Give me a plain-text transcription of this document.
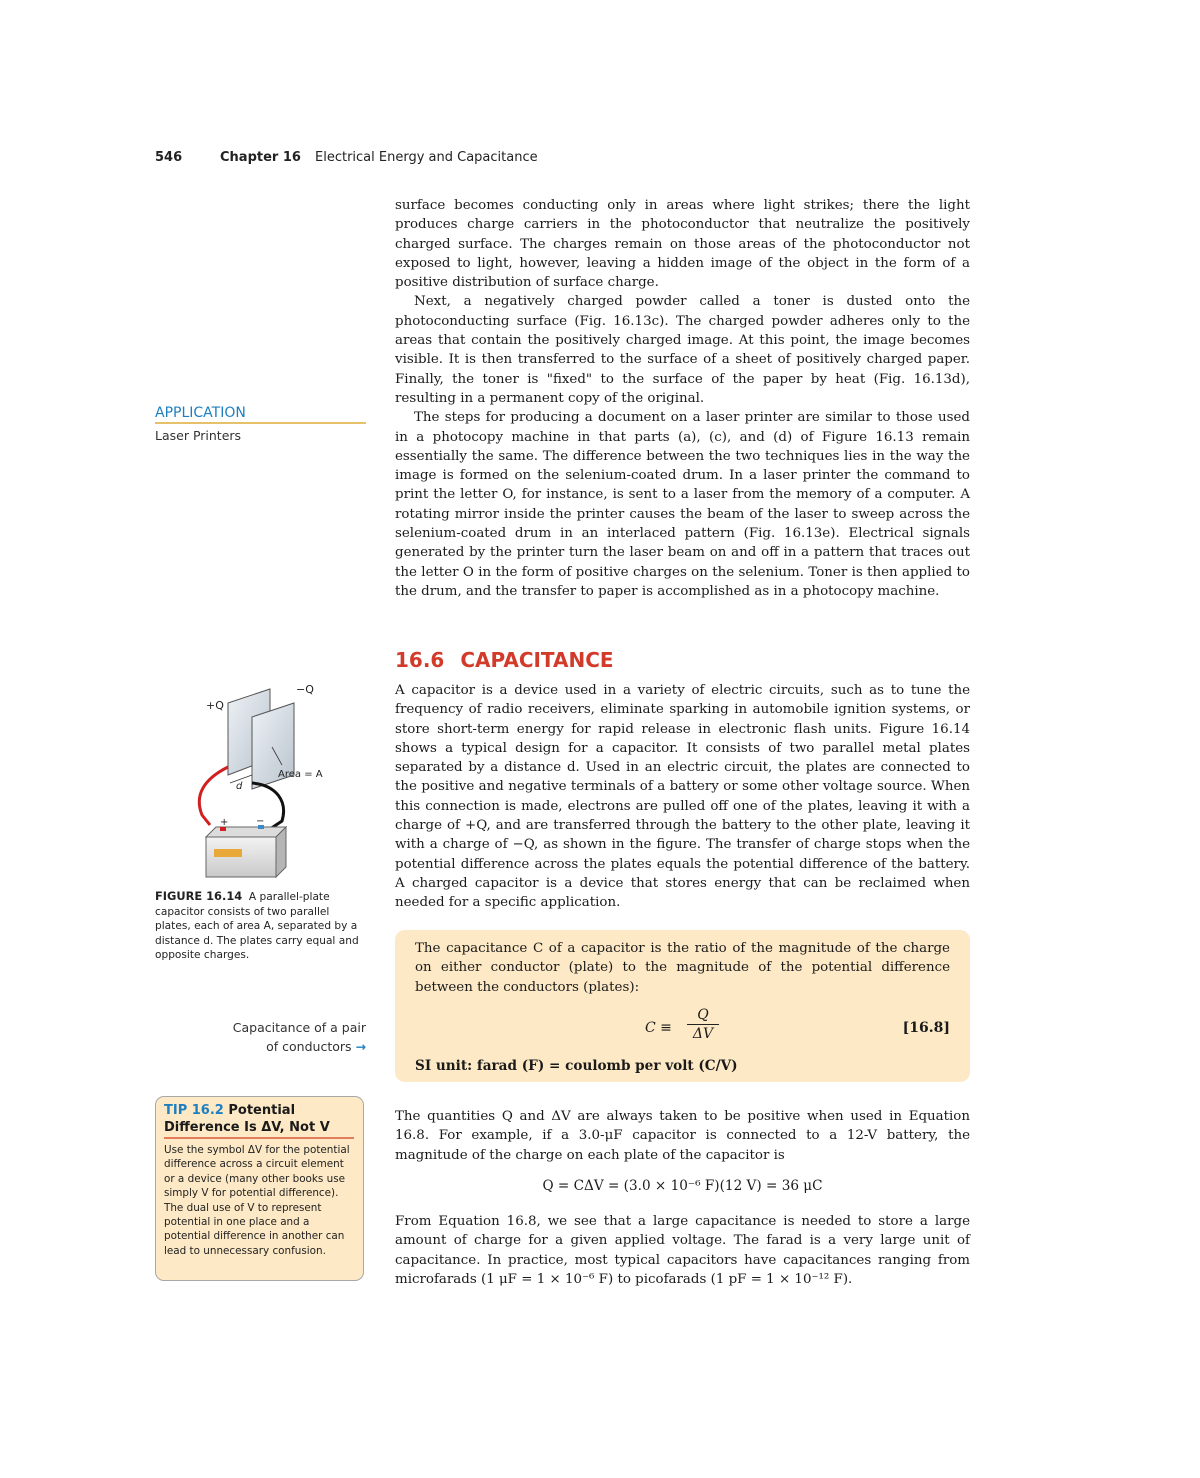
546	Chapter 16 Electrical Energy and Capacitance

surface becomes conducting only in areas where light strikes; there the light produces charge carriers in the photoconductor that neutralize the positively charged surface. The charges remain on those areas of the photoconductor not exposed to light, however, leaving a hidden image of the object in the form of a positive distribution of surface charge.

Next, a negatively charged powder called a toner is dusted onto the photoconducting surface (Fig. 16.13c). The charged powder adheres only to the areas that contain the positively charged image. At this point, the image becomes visible. It is then transferred to the surface of a sheet of positively charged paper. Finally, the toner is "fixed" to the surface of the paper by heat (Fig. 16.13d), resulting in a permanent copy of the original.

The steps for producing a document on a laser printer are similar to those used in a photocopy machine in that parts (a), (c), and (d) of Figure 16.13 remain essentially the same. The difference between the two techniques lies in the way the image is formed on the selenium-coated drum. In a laser printer the command to print the letter O, for instance, is sent to a laser from the memory of a computer. A rotating mirror inside the printer causes the beam of the laser to sweep across the selenium-coated drum in an interlaced pattern (Fig. 16.13e). Electrical signals generated by the printer turn the laser beam on and off in a pattern that traces out the letter O in the form of positive charges on the selenium. Toner is then applied to the drum, and the transfer to paper is accomplished as in a photocopy machine.

APPLICATION
Laser Printers
16.6 CAPACITANCE

A capacitor is a device used in a variety of electric circuits, such as to tune the frequency of radio receivers, eliminate sparking in automobile ignition systems, or store short-term energy for rapid release in electronic flash units. Figure 16.14 shows a typical design for a capacitor. It consists of two parallel metal plates separated by a distance d. Used in an electric circuit, the plates are connected to the positive and negative terminals of a battery or some other voltage source. When this connection is made, electrons are pulled off one of the plates, leaving it with a charge of +Q, and are transferred through the battery to the other plate, leaving it with a charge of −Q, as shown in the figure. The transfer of charge stops when the potential difference across the plates equals the potential difference of the battery. A charged capacitor is a device that stores energy that can be reclaimed when needed for a specific application.

+Q
−Q
d
Area = A
+	−
FIGURE 16.14 A parallel-plate capacitor consists of two parallel plates, each of area A, separated by a distance d. The plates carry equal and opposite charges.	The capacitance C of a capacitor is the ratio of the magnitude of the charge on either conductor (plate) to the magnitude of the potential difference between the conductors (plates):
$C \equiv \frac{Q}{\Delta V}$	[16.8]
SI unit: farad (F) = coulomb per volt (C/V)
Capacitance of a pair
of conductors →
TIP 16.2 Potential Difference Is ΔV, Not V
Use the symbol ΔV for the potential difference across a circuit element or a device (many other books use simply V for potential difference). The dual use of V to represent potential in one place and a potential difference in another can lead to unnecessary confusion.

The quantities Q and ΔV are always taken to be positive when used in Equation 16.8. For example, if a 3.0-μF capacitor is connected to a 12-V battery, the magnitude of the charge on each plate of the capacitor is

Q = CΔV = (3.0 × 10⁻⁶ F)(12 V) = 36 μC

From Equation 16.8, we see that a large capacitance is needed to store a large amount of charge for a given applied voltage. The farad is a very large unit of capacitance. In practice, most typical capacitors have capacitances ranging from microfarads (1 μF = 1 × 10⁻⁶ F) to picofarads (1 pF = 1 × 10⁻¹² F).
